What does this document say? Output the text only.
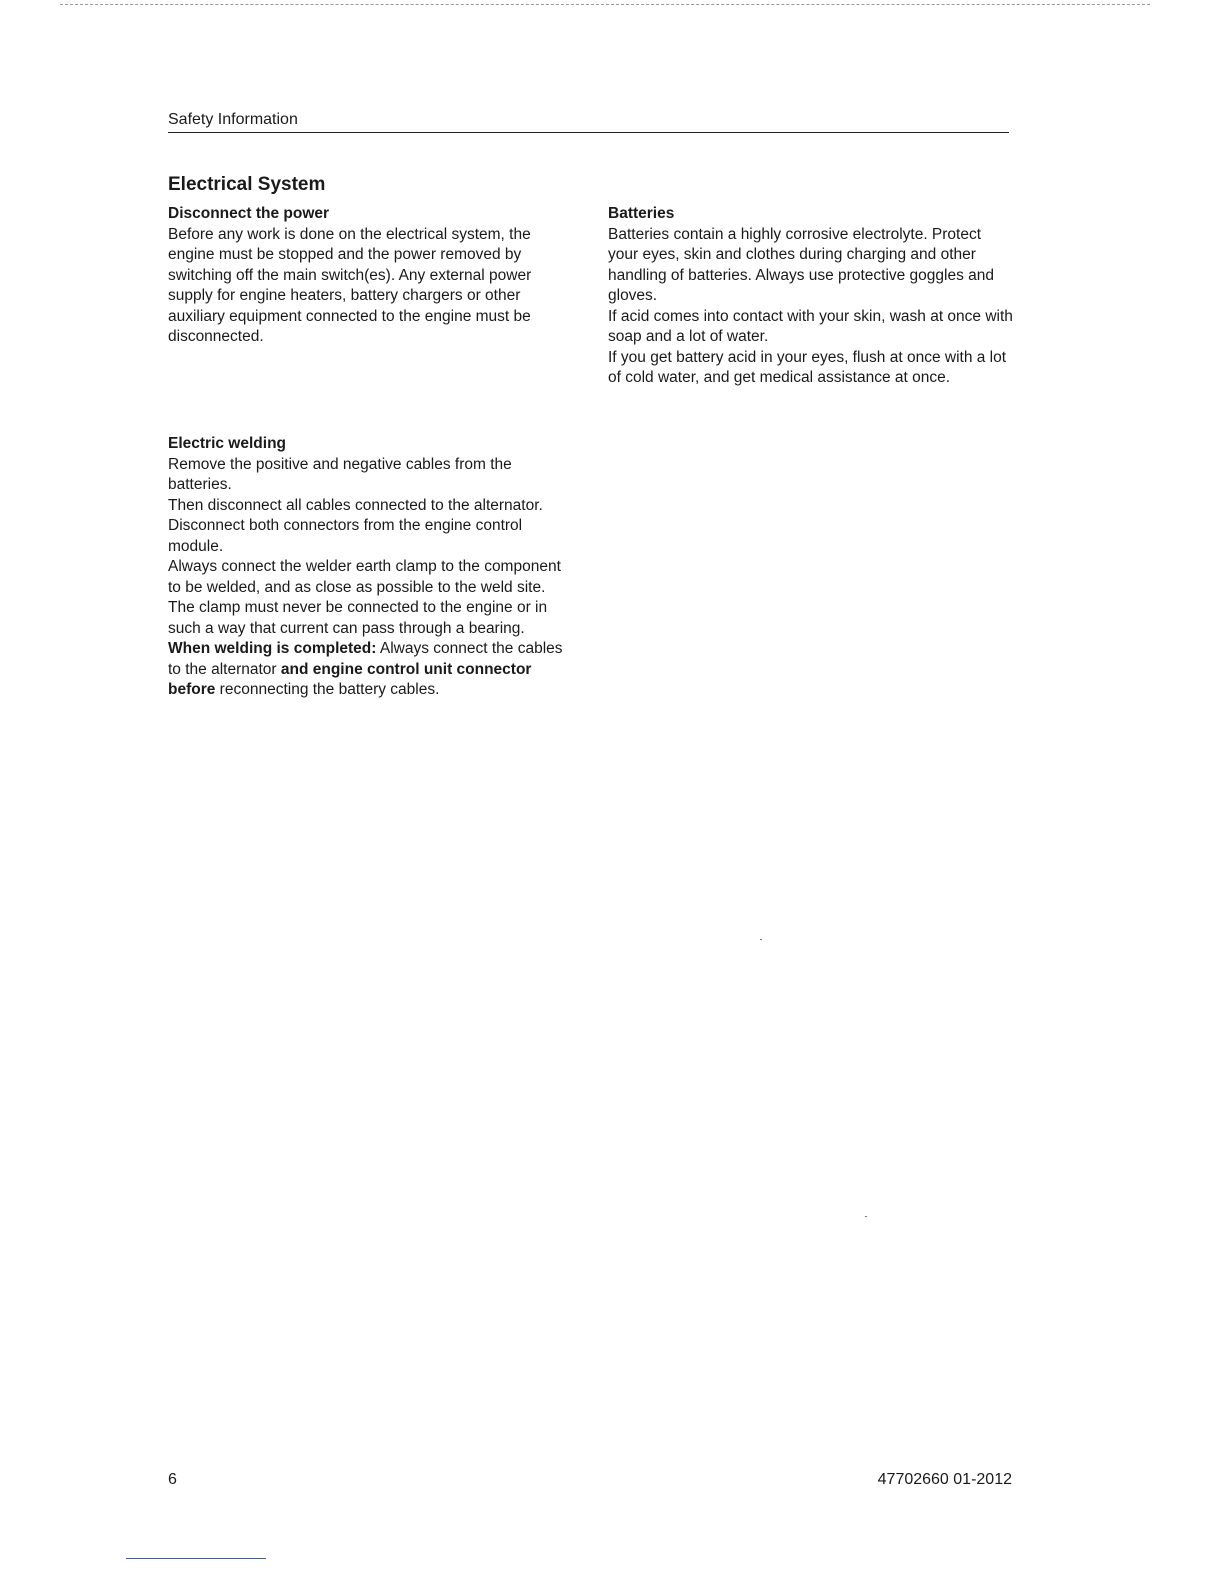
Safety Information
Electrical System
Disconnect the power

Before any work is done on the electrical system, the engine must be stopped and the power removed by switching off the main switch(es). Any external power supply for engine heaters, battery chargers or other auxiliary equipment connected to the engine must be disconnected.

Batteries

Batteries contain a highly corrosive electrolyte. Protect your eyes, skin and clothes during charging and other handling of batteries. Always use protective goggles and gloves.

If acid comes into contact with your skin, wash at once with soap and a lot of water.

If you get battery acid in your eyes, flush at once with a lot of cold water, and get medical assistance at once.

Electric welding

Remove the positive and negative cables from the batteries.

Then disconnect all cables connected to the alternator. Disconnect both connectors from the engine control module.

Always connect the welder earth clamp to the component to be welded, and as close as possible to the weld site. The clamp must never be connected to the engine or in such a way that current can pass through a bearing.

When welding is completed: Always connect the cables to the alternator and engine control unit connector before reconnecting the battery cables.

6	47702660 01-2012
